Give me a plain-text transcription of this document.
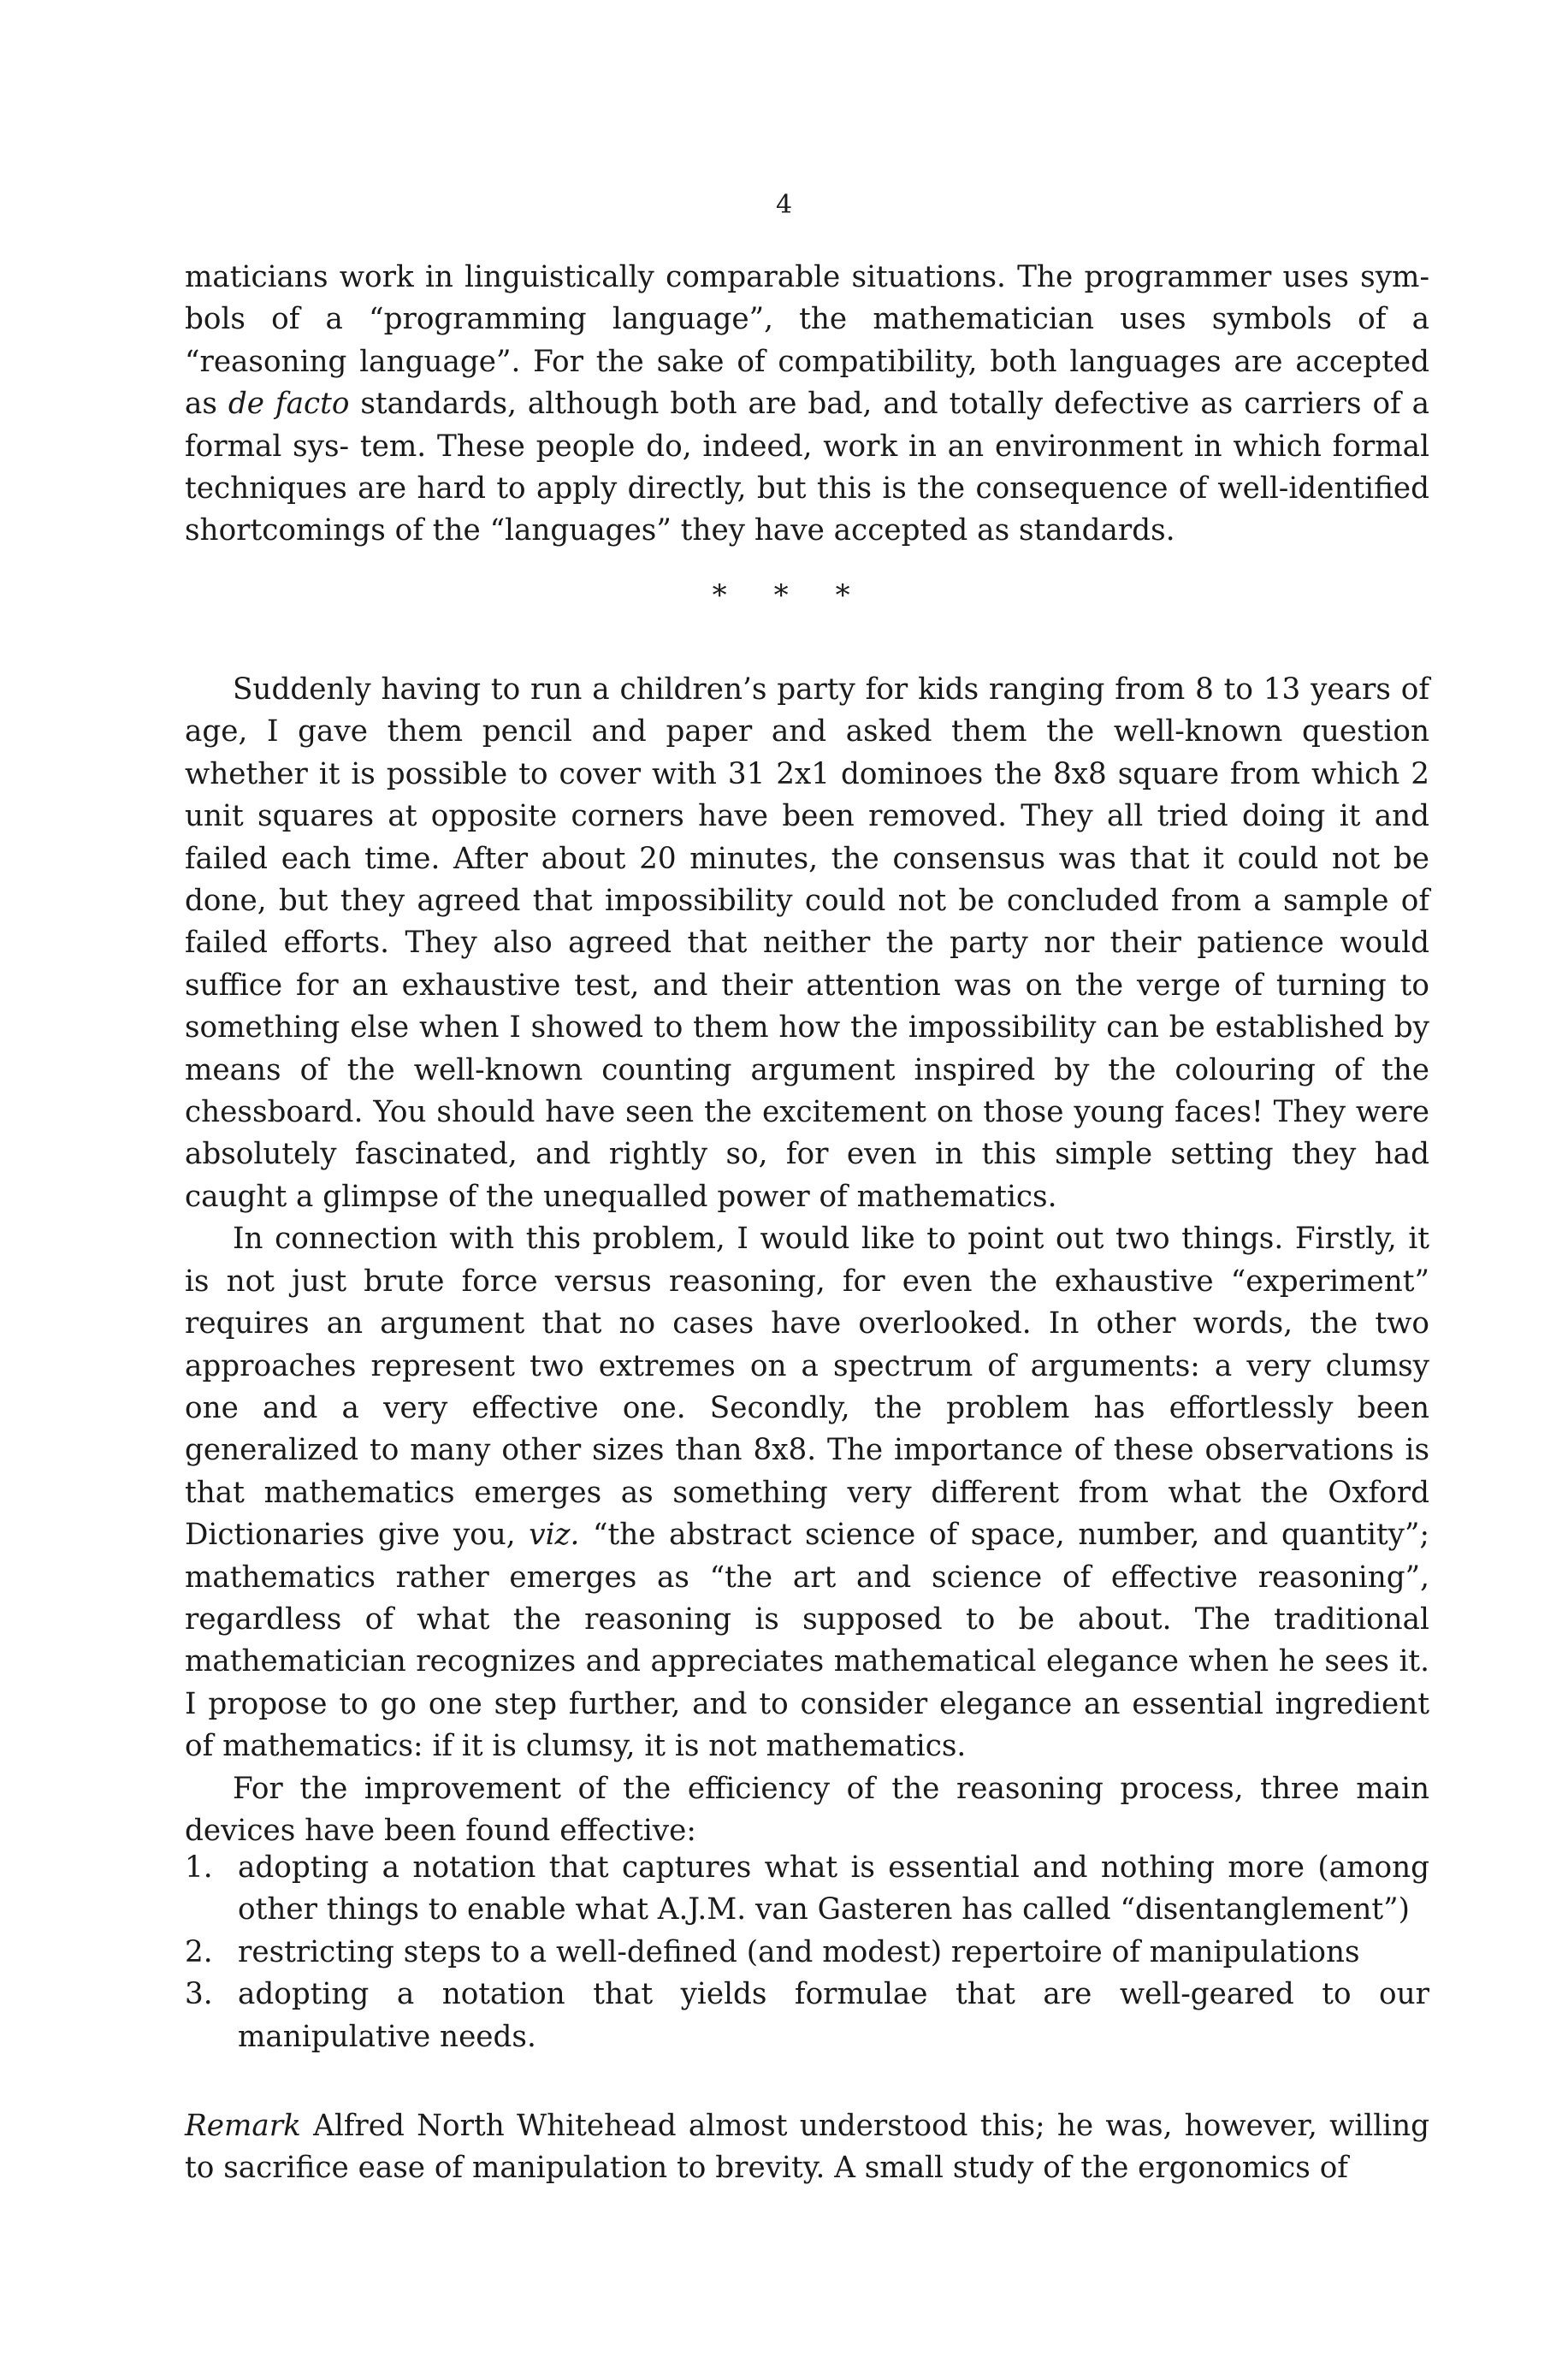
4

maticians work in linguistically comparable situations. The programmer uses sym- bols of a “programming language”, the mathematician uses symbols of a “reasoning language”. For the sake of compatibility, both languages are accepted as de facto standards, although both are bad, and totally defective as carriers of a formal sys- tem. These people do, indeed, work in an environment in which formal techniques are hard to apply directly, but this is the consequence of well-identified shortcomings of the “languages” they have accepted as standards.

* * *

Suddenly having to run a children’s party for kids ranging from 8 to 13 years of age, I gave them pencil and paper and asked them the well-known question whether it is possible to cover with 31 2x1 dominoes the 8x8 square from which 2 unit squares at opposite corners have been removed. They all tried doing it and failed each time. After about 20 minutes, the consensus was that it could not be done, but they agreed that impossibility could not be concluded from a sample of failed efforts. They also agreed that neither the party nor their patience would suffice for an exhaustive test, and their attention was on the verge of turning to something else when I showed to them how the impossibility can be established by means of the well-known counting argument inspired by the colouring of the chessboard. You should have seen the excitement on those young faces! They were absolutely fascinated, and rightly so, for even in this simple setting they had caught a glimpse of the unequalled power of mathematics.

In connection with this problem, I would like to point out two things. Firstly, it is not just brute force versus reasoning, for even the exhaustive “experiment” requires an argument that no cases have overlooked. In other words, the two approaches represent two extremes on a spectrum of arguments: a very clumsy one and a very effective one. Secondly, the problem has effortlessly been generalized to many other sizes than 8x8. The importance of these observations is that mathematics emerges as something very different from what the Oxford Dictionaries give you, viz. “the abstract science of space, number, and quantity”; mathematics rather emerges as “the art and science of effective reasoning”, regardless of what the reasoning is supposed to be about. The traditional mathematician recognizes and appreciates mathematical elegance when he sees it. I propose to go one step further, and to consider elegance an essential ingredient of mathematics: if it is clumsy, it is not mathematics.

For the improvement of the efficiency of the reasoning process, three main devices have been found effective:

1. adopting a notation that captures what is essential and nothing more (among other things to enable what A.J.M. van Gasteren has called “disentanglement”)
2. restricting steps to a well-defined (and modest) repertoire of manipulations
3. adopting a notation that yields formulae that are well-geared to our manipulative needs.

Remark Alfred North Whitehead almost understood this; he was, however, willing to sacrifice ease of manipulation to brevity. A small study of the ergonomics of
